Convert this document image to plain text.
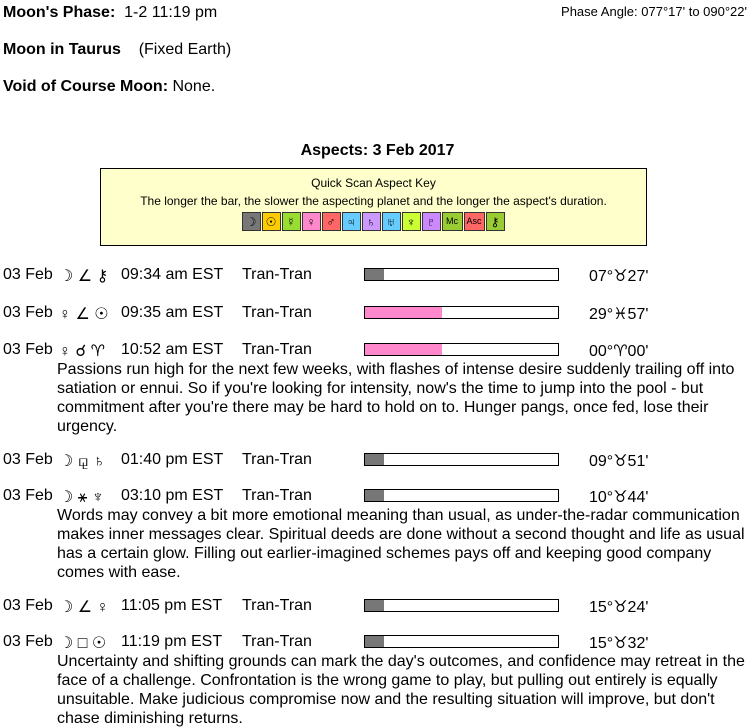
Moon's Phase: 1-2 11:19 pm	Phase Angle: 077°17' to 090°22'
Moon in Taurus (Fixed Earth)
Void of Course Moon: None.
Aspects: 3 Feb 2017
Quick Scan Aspect Key
The longer the bar, the slower the aspecting planet and the longer the aspect's duration.
☽ ☉ ☿ ♀ ♂ ♃ ♄ ♅ ♆ ♇	Mc Asc ⚷
03 Feb ☽ ∠ ⚷ 09:34 am EST Tran-Tran	07°♉27'
03 Feb ♀ ∠ ☉ 09:35 am EST Tran-Tran	29°♓57'
03 Feb ♀ ☌ ♈ 10:52 am EST Tran-Tran	00°♈00'
Passions run high for the next few weeks, with flashes of intense desire suddenly trailing off into satiation or ennui. So if you're looking for intensity, now's the time to jump into the pool - but commitment after you're there may be hard to hold on to. Hunger pangs, once fed, lose their urgency.
03 Feb ☽ ⚼ ♄ 01:40 pm EST Tran-Tran	09°♉51'
03 Feb ☽ ⚹ ♆ 03:10 pm EST Tran-Tran	10°♉44'
Words may convey a bit more emotional meaning than usual, as under-the-radar communication makes inner messages clear. Spiritual deeds are done without a second thought and life as usual has a certain glow. Filling out earlier-imagined schemes pays off and keeping good company comes with ease.
03 Feb ☽ ∠ ♀ 11:05 pm EST Tran-Tran	15°♉24'
03 Feb ☽ □ ☉ 11:19 pm EST Tran-Tran	15°♉32'
Uncertainty and shifting grounds can mark the day's outcomes, and confidence may retreat in the face of a challenge. Confrontation is the wrong game to play, but pulling out entirely is equally unsuitable. Make judicious compromise now and the resulting situation will improve, but don't chase diminishing returns.
